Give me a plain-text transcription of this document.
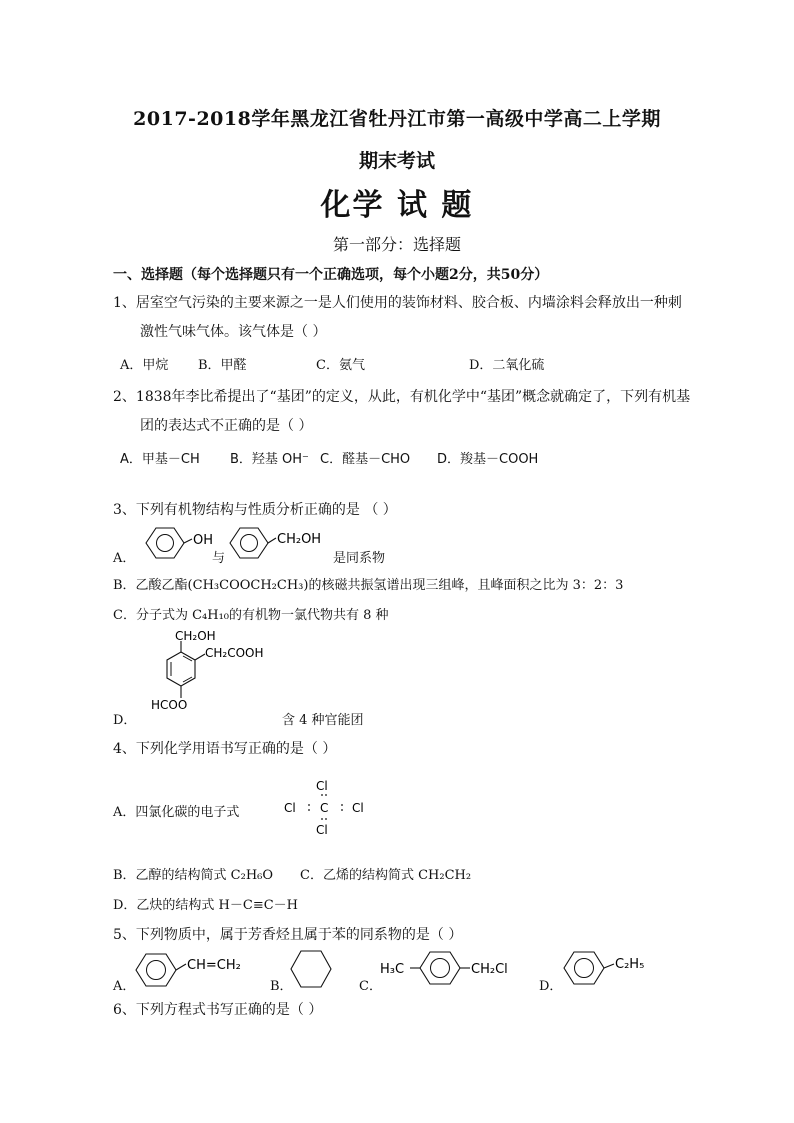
2017-2018学年黑龙江省牡丹江市第一高级中学高二上学期
期末考试
化学 试 题
第一部分：选择题
一、选择题（每个选择题只有一个正确选项，每个小题2分，共50分）
1、居室空气污染的主要来源之一是人们使用的装饰材料、胶合板、内墙涂料会释放出一种刺
激性气味气体。该气体是（ ）
A．甲烷 B．甲醛	C．氨气	D．二氧化硫
2、1838年李比希提出了“基团”的定义，从此，有机化学中“基团”概念就确定了，下列有机基
团的表达式不正确的是（ ）
A．甲基－CH B．羟基 OH⁻ C．醛基－CHO D．羧基－COOH
3、下列有机物结构与性质分析正确的是 （ ）
A．
OH
与
CH₂OH
是同系物
B．乙酸乙酯(CH₃COOCH₂CH₃)的核磁共振氢谱出现三组峰，且峰面积之比为 3：2：3
C．分子式为 C₄H₁₀的有机物一氯代物共有 8 种
CH₂OH
CH₂COOH
HCOO
D．	含 4 种官能团
4、下列化学用语书写正确的是（ ）
A．四氯化碳的电子式
Cl
Cl C Cl
Cl
B．乙醇的结构简式 C₂H₆O C．乙烯的结构简式 CH₂CH₂
D．乙炔的结构式 H－C≡C－H
5、下列物质中，属于芳香烃且属于苯的同系物的是（ ）
A．
CH=CH₂
B．	C．
H₃C	CH₂Cl
D．
C₂H₅
6、下列方程式书写正确的是（ ）
